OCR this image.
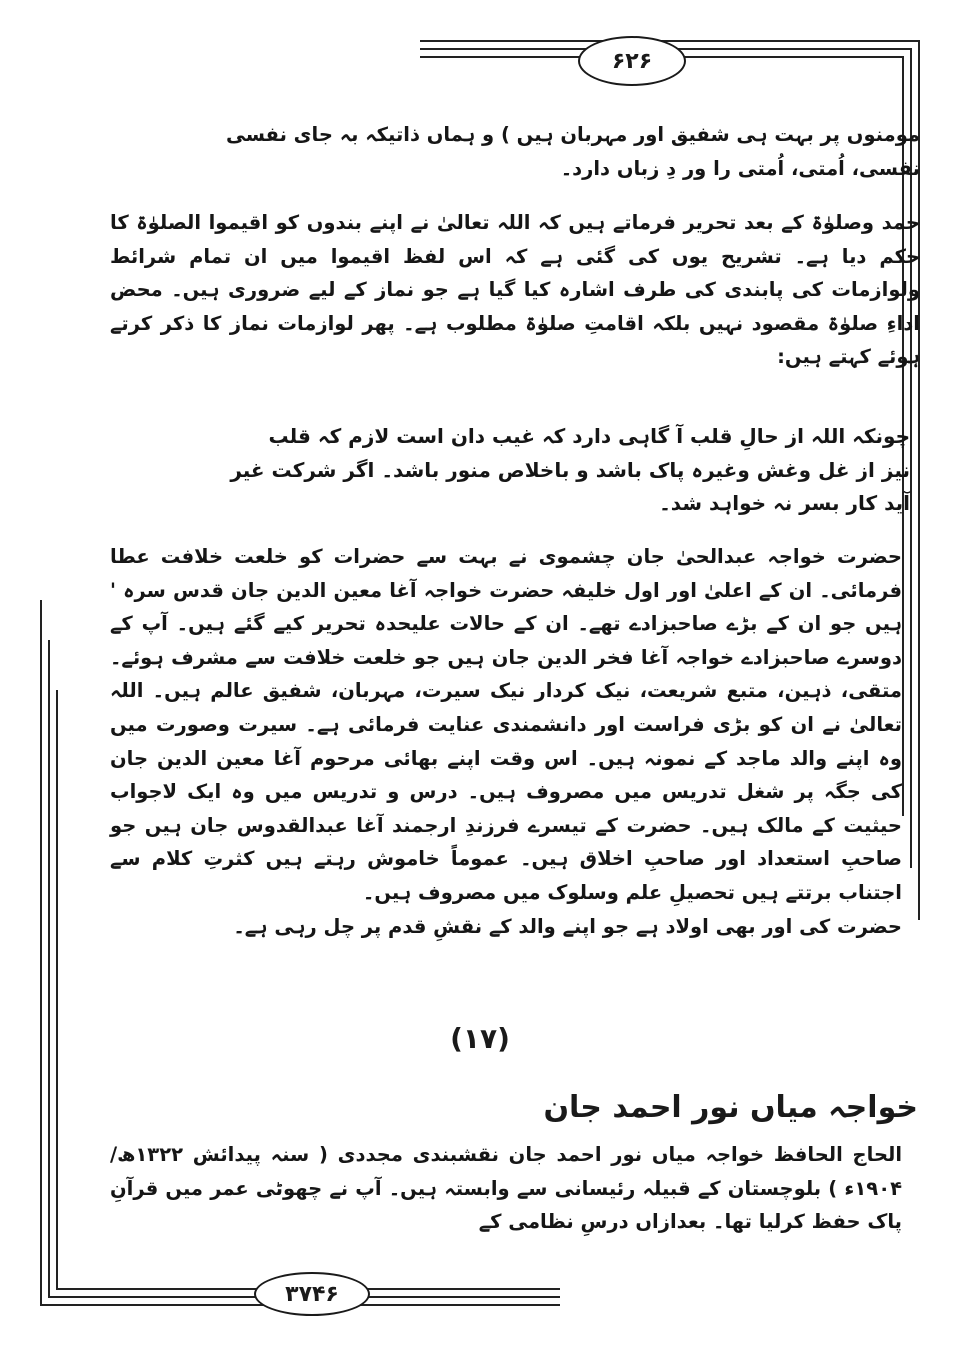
۶۲۶
۳۷۴۶

مومنوں پر بہت ہی شفیق اور مہربان ہیں ) و ہماں ذاتیکہ بہ جای نفسی

نفسی، اُمتی، اُمتی را ور دِ زباں دارد۔

حمد وصلوٰۃ کے بعد تحریر فرماتے ہیں کہ اللہ تعالیٰ نے اپنے بندوں کو اقیموا الصلوٰۃ کا حکم دیا ہے۔ تشریح یوں کی گئی ہے کہ اس لفظ اقیموا میں ان تمام شرائط ولوازمات کی پابندی کی طرف اشارہ کیا گیا ہے جو نماز کے لیے ضروری ہیں۔ محض اداءِ صلوٰۃ مقصود نہیں بلکہ اقامتِ صلوٰۃ مطلوب ہے۔ پھر لوازمات نماز کا ذکر کرتے ہوئے کہتے ہیں:

چونکہ اللہ از حالِ قلب آ گاہی دارد کہ غیب دان است لازم کہ قلب
نیز از غل وغش وغیرہ پاک باشد و باخلاص منور باشد۔ اگر شرکت غیر
آید کار بسر نہ خواہد شد۔

حضرت خواجہ عبدالحیٰ جان چشموی نے بہت سے حضرات کو خلعت خلافت عطا فرمائی۔ ان کے اعلیٰ اور اول خلیفہ حضرت خواجہ آغا معین الدین جان قدس سرہ ' ہیں جو ان کے بڑے صاحبزادے تھے۔ ان کے حالات علیحدہ تحریر کیے گئے ہیں۔ آپ کے دوسرے صاحبزادے خواجہ آغا فخر الدین جان ہیں جو خلعت خلافت سے مشرف ہوئے۔ متقی، ذہین، متبع شریعت، نیک کردار نیک سیرت، مہربان، شفیق عالم ہیں۔ اللہ تعالیٰ نے ان کو بڑی فراست اور دانشمندی عنایت فرمائی ہے۔ سیرت وصورت میں وہ اپنے والد ماجد کے نمونہ ہیں۔ اس وقت اپنے بھائی مرحوم آغا معین الدین جان کی جگہ پر شغل تدریس میں مصروف ہیں۔ درس و تدریس میں وہ ایک لاجواب حیثیت کے مالک ہیں۔ حضرت کے تیسرے فرزندِ ارجمند آغا عبدالقدوس جان ہیں جو صاحبِ استعداد اور صاحبِ اخلاق ہیں۔ عموماً خاموش رہتے ہیں کثرتِ کلام سے اجتناب برتتے ہیں تحصیلِ علم وسلوک میں مصروف ہیں۔

حضرت کی اور بھی اولاد ہے جو اپنے والد کے نقشِ قدم پر چل رہی ہے۔

(۱۷)
خواجہ میاں نور احمد جان

الحاج الحافظ خواجہ میاں نور احمد جان نقشبندی مجددی ( سنہ پیدائش ۱۳۲۲ھ/۱۹۰۴ء ) بلوچستان کے قبیلہ رئیسانی سے وابستہ ہیں۔ آپ نے چھوٹی عمر میں قرآنِ پاک حفظ کرلیا تھا۔ بعدازاں درسِ نظامی کے
